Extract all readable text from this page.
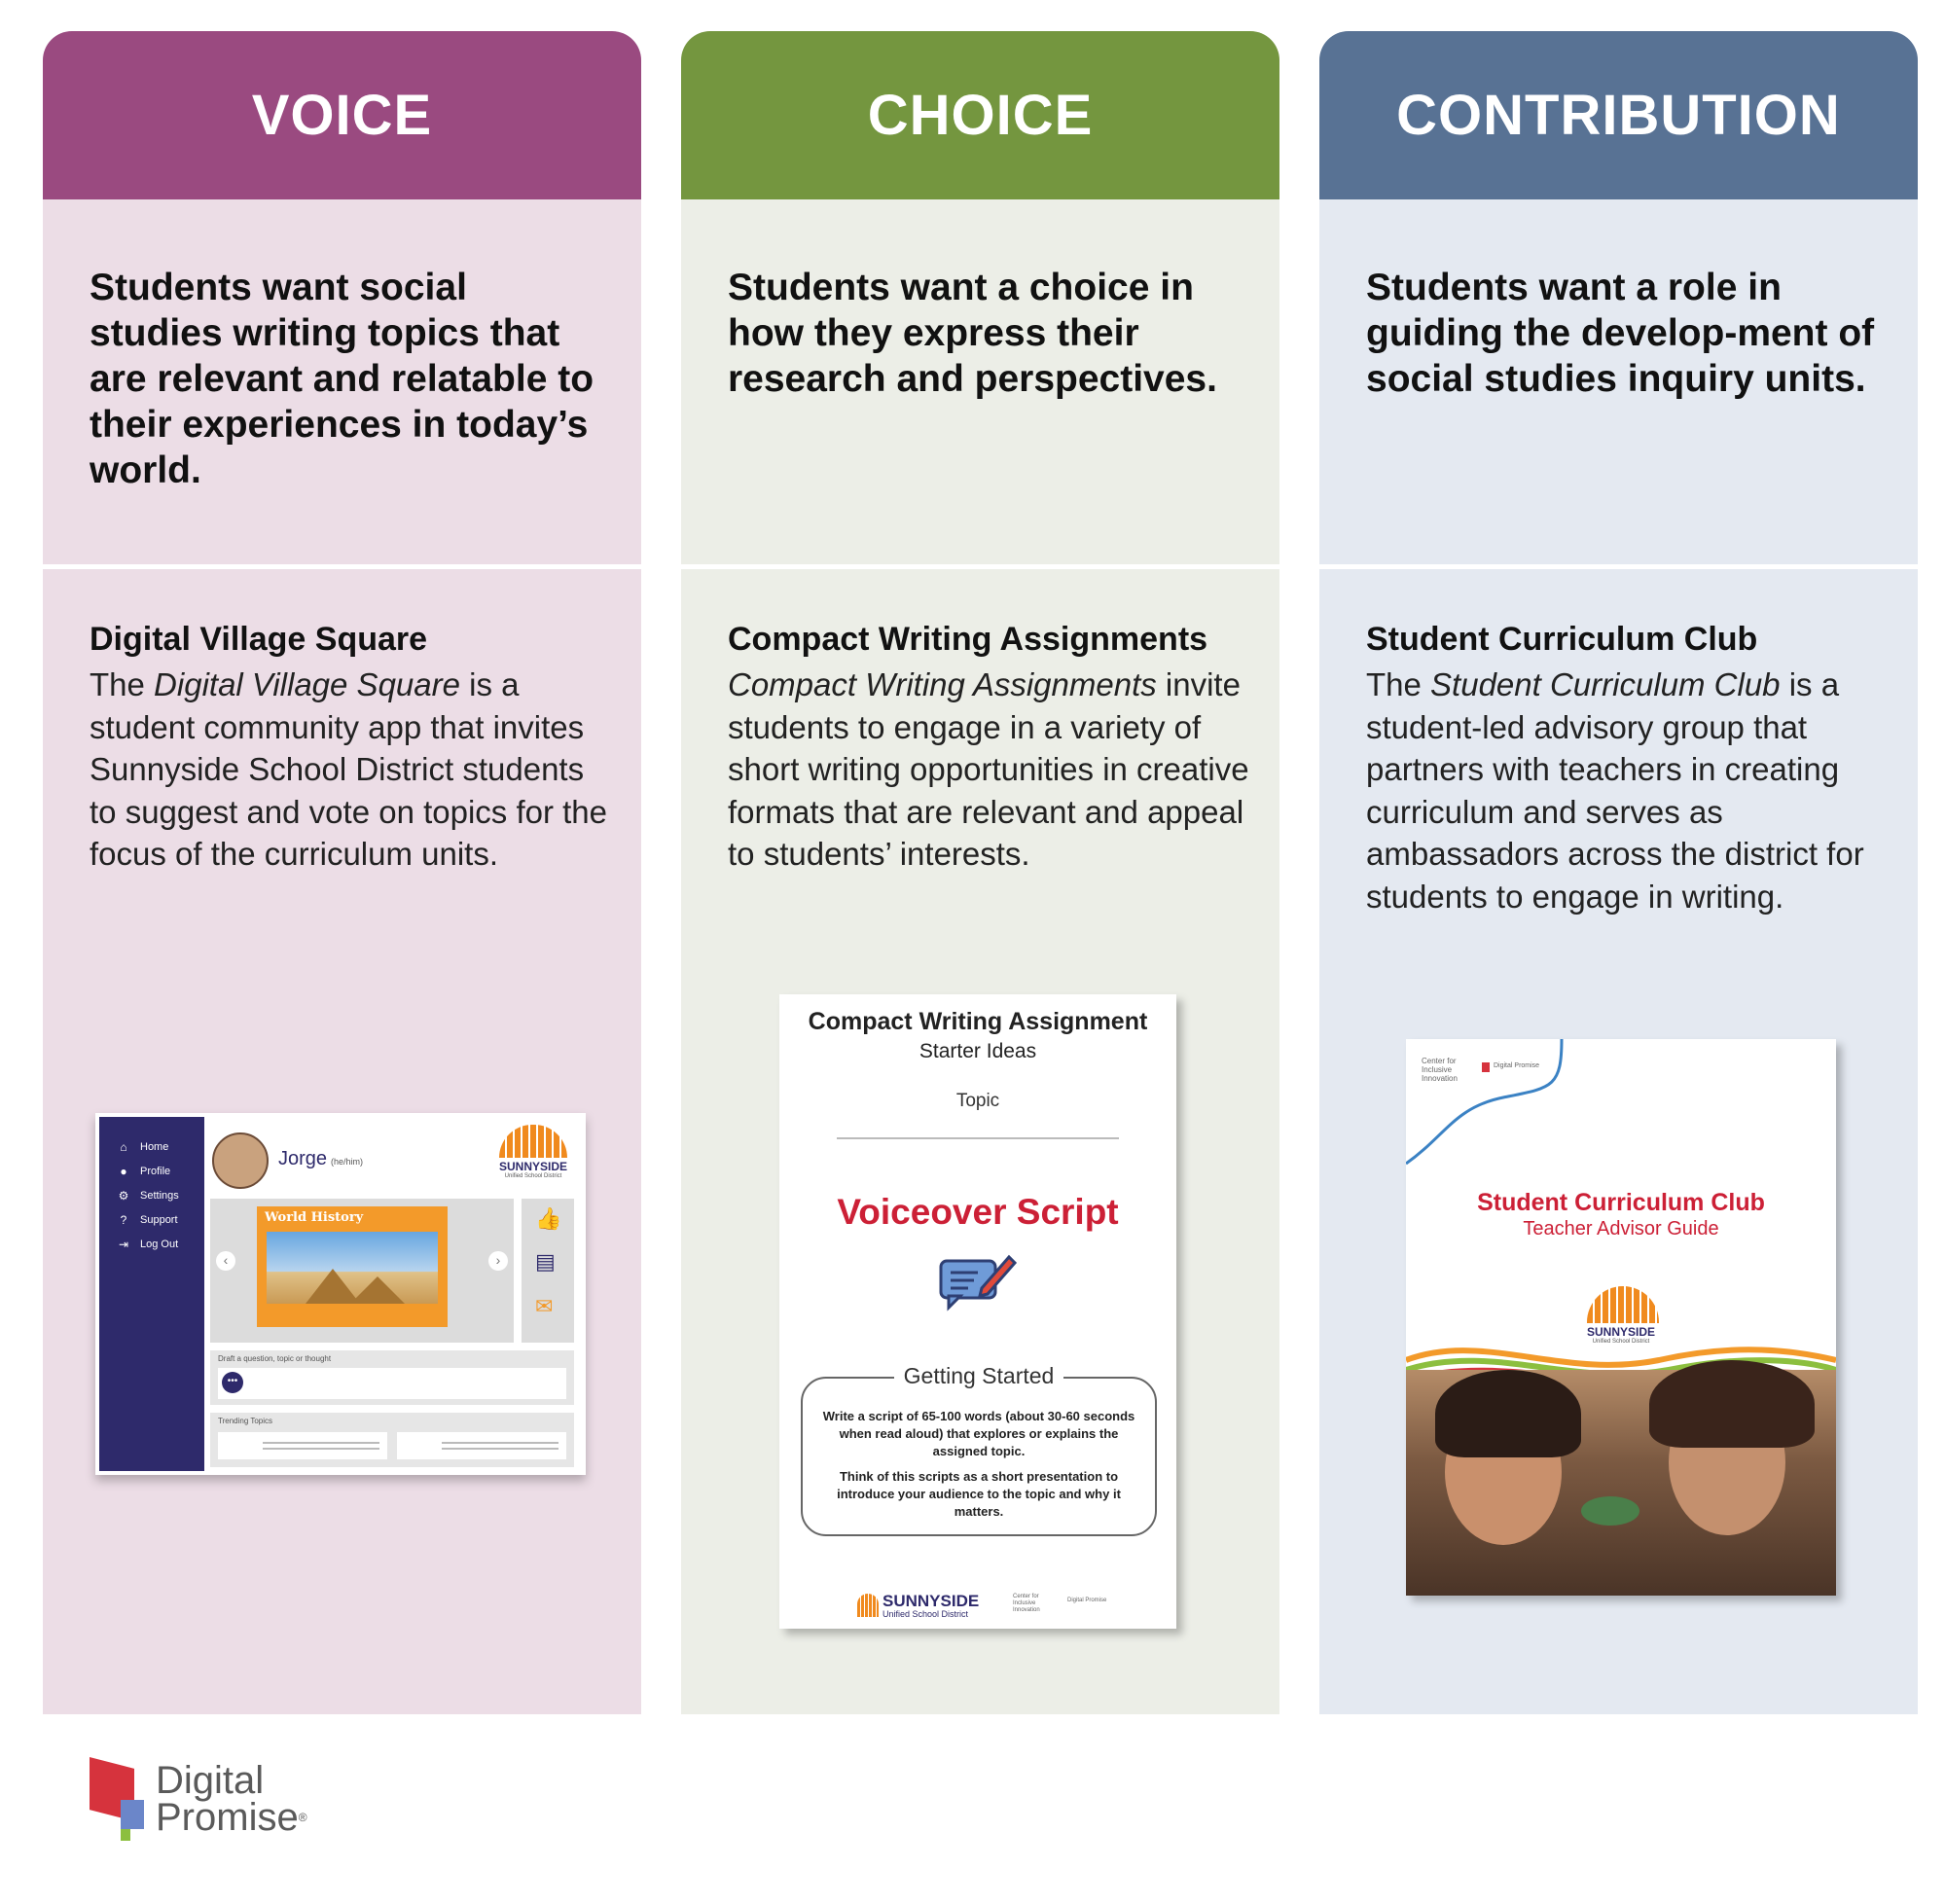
VOICE
Students want social studies writing topics that are relevant and relatable to their experiences in today’s world.
Digital Village Square
The Digital Village Square is a student community app that invites Sunnyside School District students to suggest and vote on topics for the focus of the curriculum units.
⌂	Home
●	Profile
⚙ Settings
?	Support
⇥ Log Out
Jorge (he/him)	SUNNYSIDE
Unified School District
‹
World History
›
👍
▤
✉
Draft a question, topic or thought
•••
Trending Topics
CHOICE
Students want a choice in how they express their research and perspectives.
Compact Writing Assignments
Compact Writing Assignments invite students to engage in a variety of short writing opportunities in creative formats that are relevant and appeal to students’ interests.
Compact Writing Assignment
Starter Ideas
Topic
Voiceover Script
Getting Started
Write a script of 65-100 words (about 30-60 seconds when read aloud) that explores or explains the assigned topic.
Think of this scripts as a short presentation to introduce your audience to the topic and why it matters.
SUNNYSIDE
Unified School District
Center for Inclusive Innovation
Digital Promise
CONTRIBUTION
Students want a role in guiding the develop-ment of social studies inquiry units.
Student Curriculum Club
The Student Curriculum Club is a student-led advisory group that partners with teachers in creating curriculum and serves as ambassadors across the district for students to engage in writing.
Center for Inclusive Innovation
Digital Promise
Student Curriculum Club
Teacher Advisor Guide
SUNNYSIDE
Unified School District
Digital
Promise®
